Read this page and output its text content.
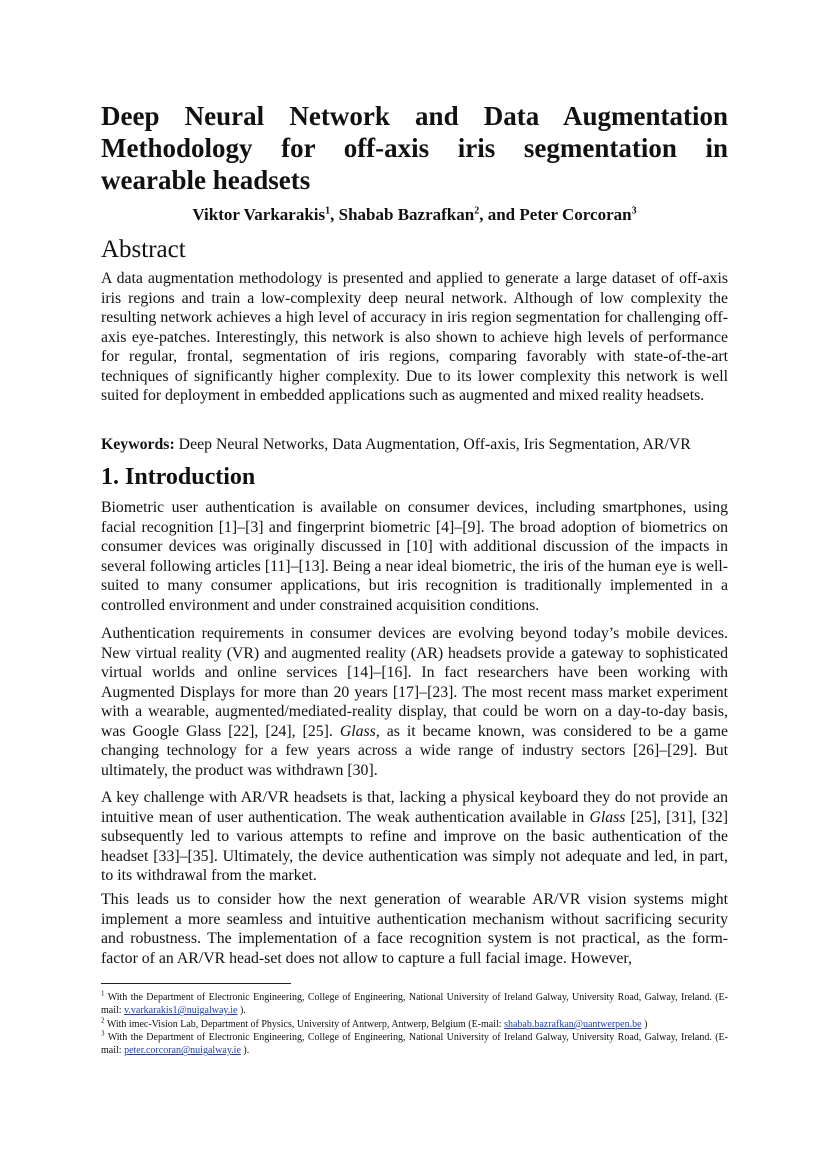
Deep Neural Network and Data Augmentation Methodology for off-axis iris segmentation in wearable headsets

Viktor Varkarakis$^1$, Shabab Bazrafkan$^2$, and Peter Corcoran$^3$

Abstract

A data augmentation methodology is presented and applied to generate a large dataset of off-axis iris regions and train a low-complexity deep neural network. Although of low complexity the resulting network achieves a high level of accuracy in iris region segmentation for challenging off-axis eye-patches. Interestingly, this network is also shown to achieve high levels of performance for regular, frontal, segmentation of iris regions, comparing favorably with state-of-the-art techniques of significantly higher complexity. Due to its lower complexity this network is well suited for deployment in embedded applications such as augmented and mixed reality headsets.

Keywords: Deep Neural Networks, Data Augmentation, Off-axis, Iris Segmentation, AR/VR

1. Introduction

Biometric user authentication is available on consumer devices, including smartphones, using facial recognition [1]–[3] and fingerprint biometric [4]–[9]. The broad adoption of biometrics on consumer devices was originally discussed in [10] with additional discussion of the impacts in several following articles [11]–[13]. Being a near ideal biometric, the iris of the human eye is well-suited to many consumer applications, but iris recognition is traditionally implemented in a controlled environment and under constrained acquisition conditions.

Authentication requirements in consumer devices are evolving beyond today’s mobile devices. New virtual reality (VR) and augmented reality (AR) headsets provide a gateway to sophisticated virtual worlds and online services [14]–[16]. In fact researchers have been working with Augmented Displays for more than 20 years [17]–[23]. The most recent mass market experiment with a wearable, augmented/mediated-reality display, that could be worn on a day-to-day basis, was Google Glass [22], [24], [25]. Glass, as it became known, was considered to be a game changing technology for a few years across a wide range of industry sectors [26]–[29]. But ultimately, the product was withdrawn [30].

A key challenge with AR/VR headsets is that, lacking a physical keyboard they do not provide an intuitive mean of user authentication. The weak authentication available in Glass [25], [31], [32] subsequently led to various attempts to refine and improve on the basic authentication of the headset [33]–[35]. Ultimately, the device authentication was simply not adequate and led, in part, to its withdrawal from the market.

This leads us to consider how the next generation of wearable AR/VR vision systems might implement a more seamless and intuitive authentication mechanism without sacrificing security and robustness. The implementation of a face recognition system is not practical, as the form-factor of an AR/VR head-set does not allow to capture a full facial image. However,

$^1$ With the Department of Electronic Engineering, College of Engineering, National University of Ireland Galway, University Road, Galway, Ireland. (E-mail: v.varkarakis1@nuigalway.ie ).

$^2$ With imec-Vision Lab, Department of Physics, University of Antwerp, Antwerp, Belgium (E-mail: shabab.bazrafkan@uantwerpen.be )

$^3$ With the Department of Electronic Engineering, College of Engineering, National University of Ireland Galway, University Road, Galway, Ireland. (E-mail: peter.corcoran@nuigalway.ie ).
